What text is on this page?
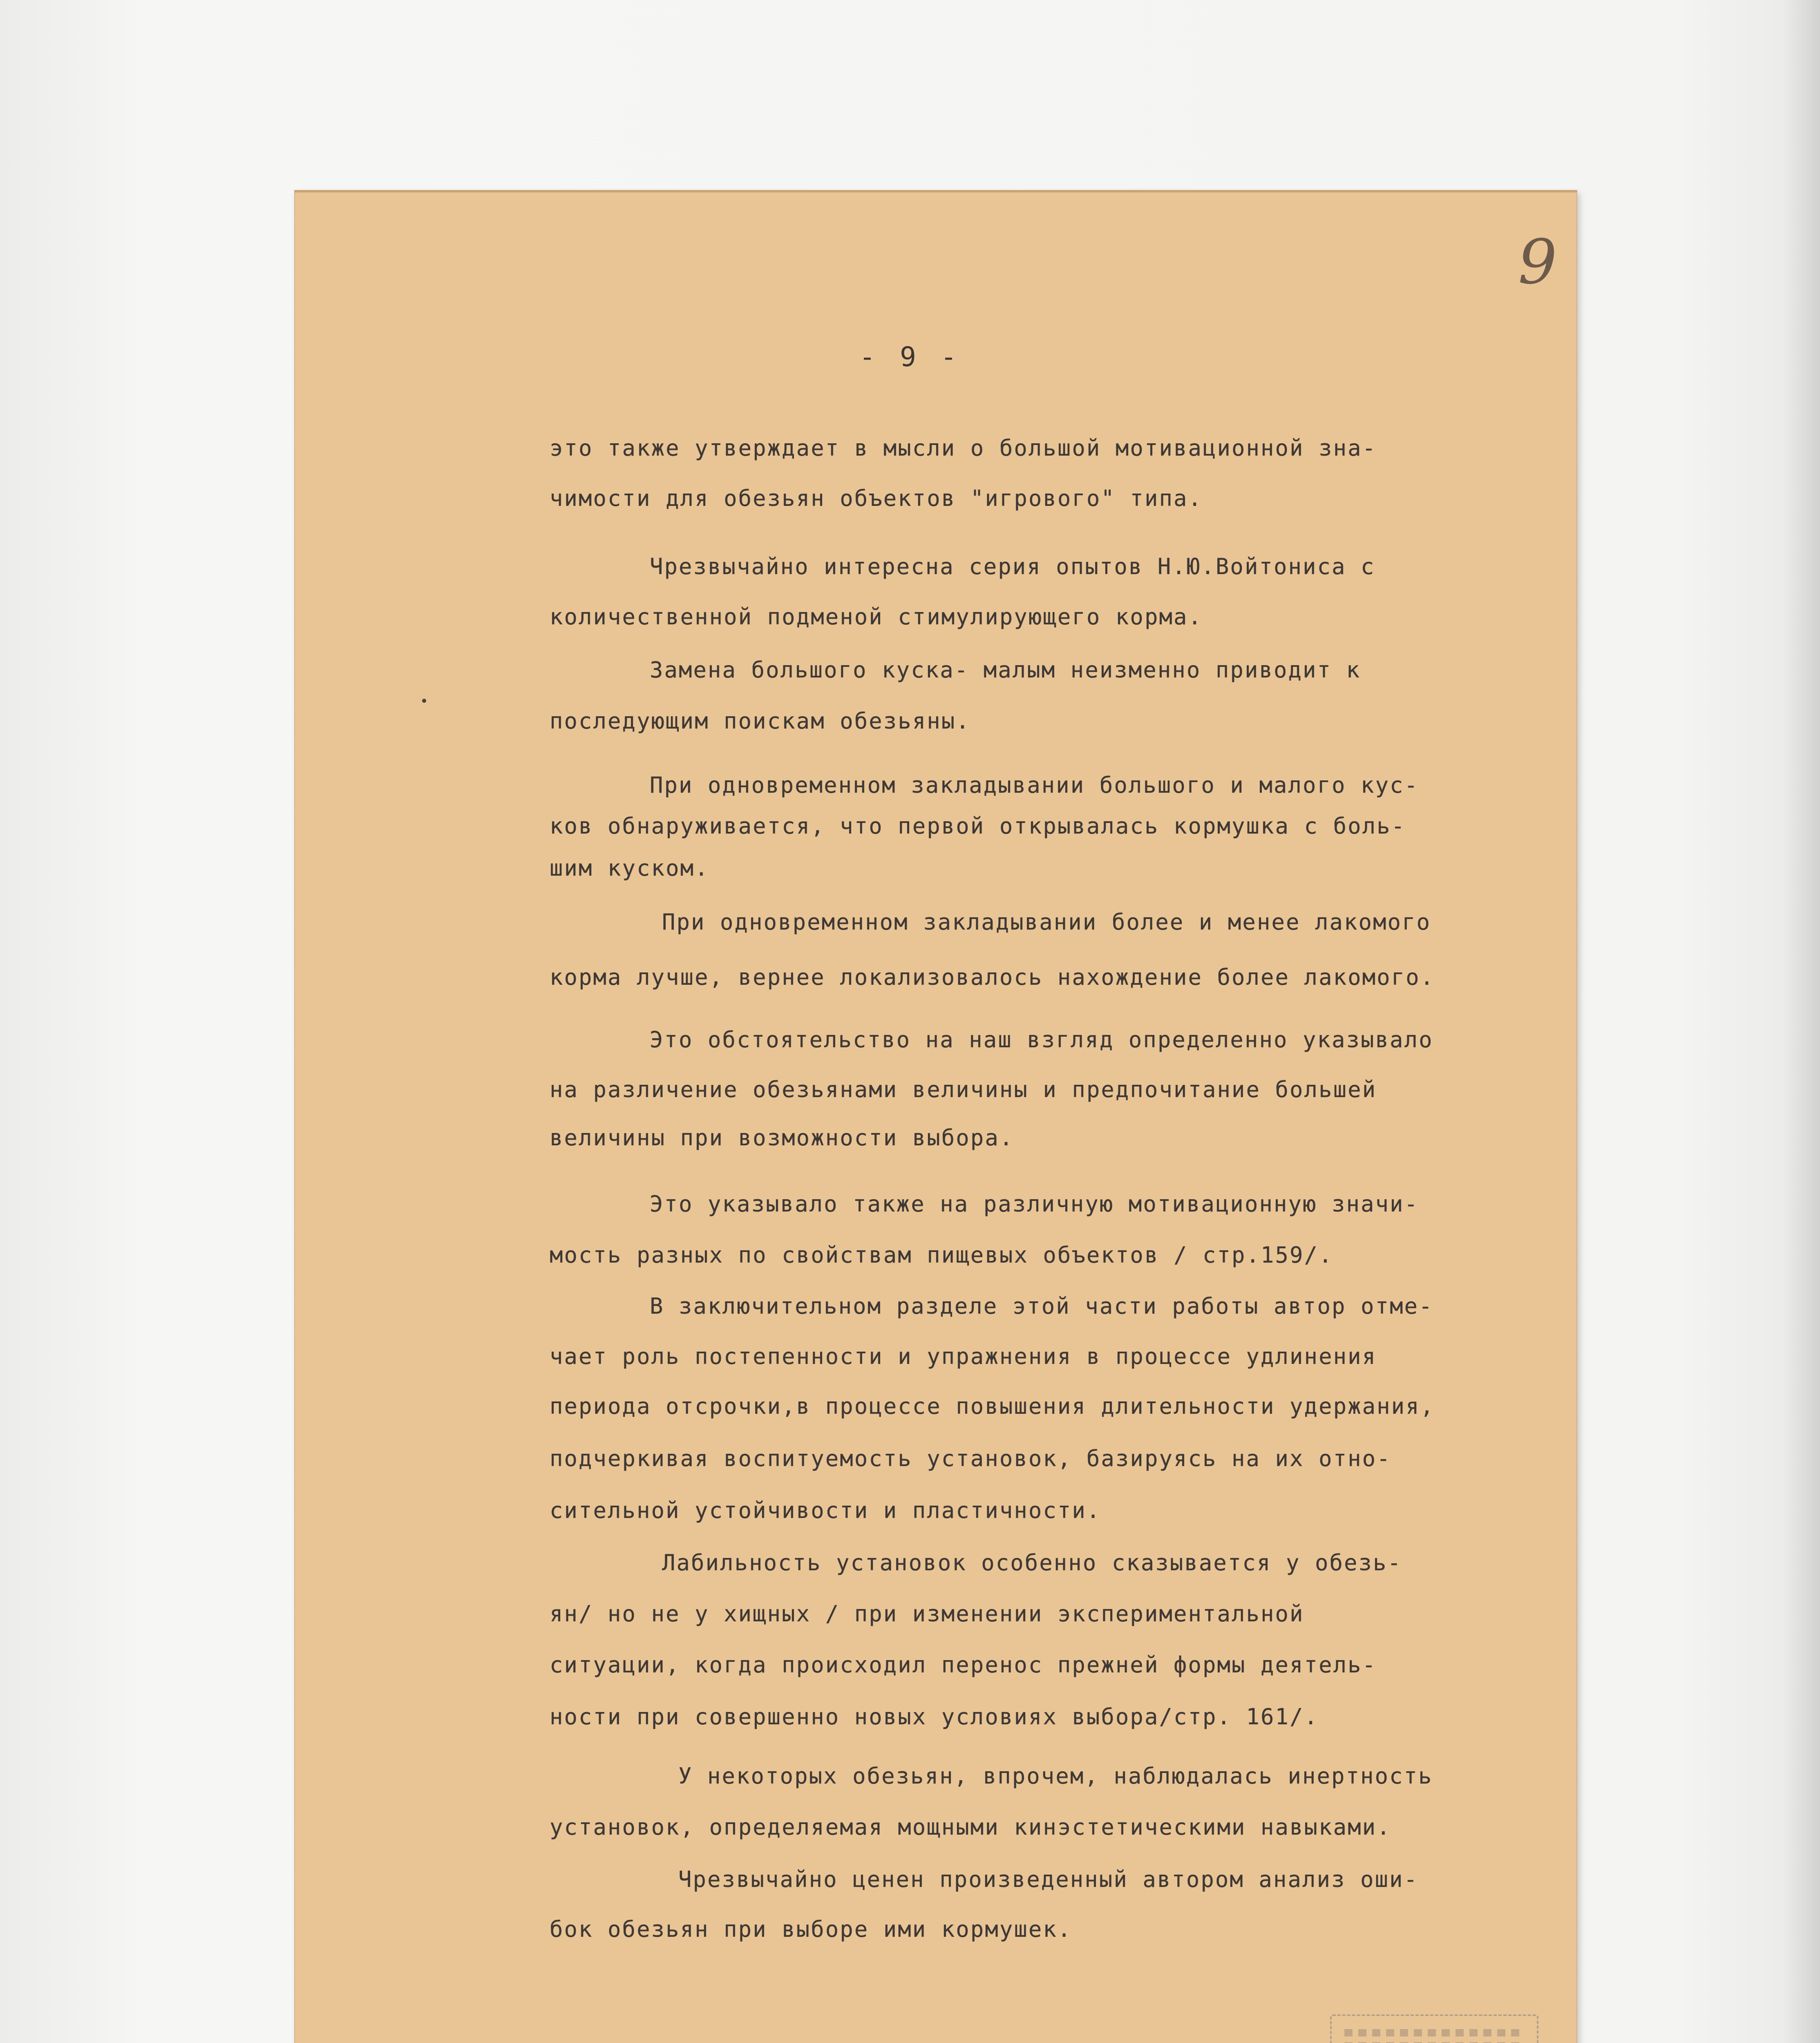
9
- 9 -
это также утверждает в мысли о большой мотивационной зна-
чимости для обезьян объектов "игрового" типа.
Чрезвычайно интересна серия опытов Н.Ю.Войтониса с
количественной подменой стимулирующего корма.
Замена большого куска- малым неизменно приводит к
последующим поискам обезьяны.
При одновременном закладывании большого и малого кус-
ков обнаруживается, что первой открывалась кормушка с боль-
шим куском.
При одновременном закладывании более и менее лакомого
корма лучше, вернее локализовалось нахождение более лакомого.
Это обстоятельство на наш взгляд определенно указывало
на различение обезьянами величины и предпочитание большей
величины при возможности выбора.
Это указывало также на различную мотивационную значи-
мость разных по свойствам пищевых объектов / стр.159/.
В заключительном разделе этой части работы автор отме-
чает роль постепенности и упражнения в процессе удлинения
периода отсрочки,в процессе повышения длительности удержания,
подчеркивая воспитуемость установок, базируясь на их отно-
сительной устойчивости и пластичности.
Лабильность установок особенно сказывается у обезь-
ян/ но не у хищных / при изменении экспериментальной
ситуации, когда происходил перенос прежней формы деятель-
ности при совершенно новых условиях выбора/стр. 161/.
У некоторых обезьян, впрочем, наблюдалась инертность
установок, определяемая мощными кинэстетическими навыками.
Чрезвычайно ценен произведенный автором анализ оши-
бок обезьян при выборе ими кормушек.
